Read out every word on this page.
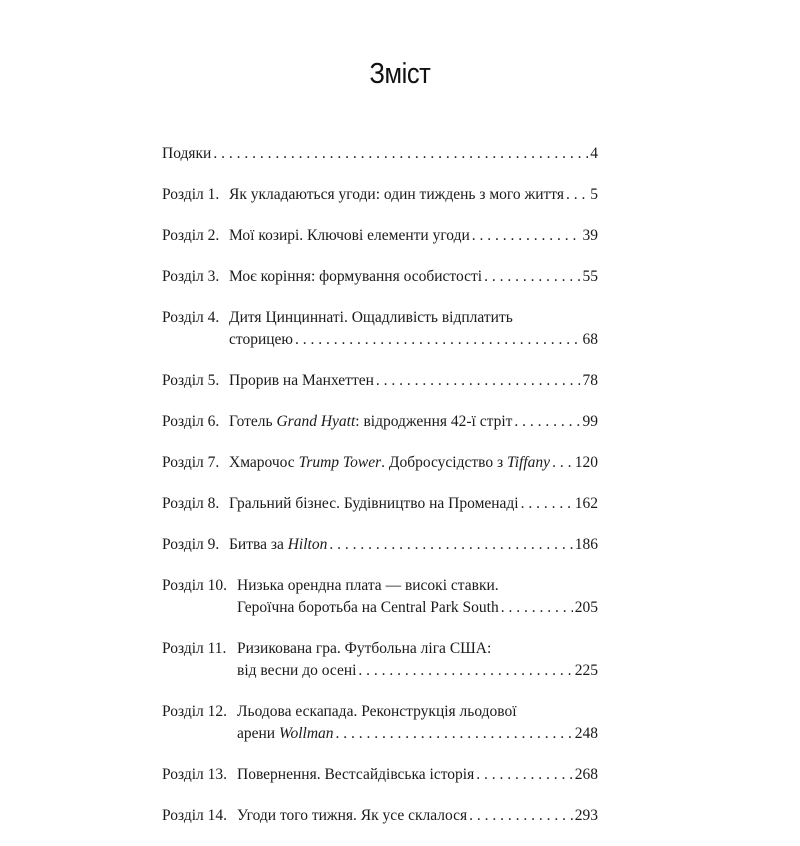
Зміст
Подяки . . .	4
Розділ 1. Як укладаються угоди: один тиждень з мого життя . . . 5
Розділ 2. Мої козирі. Ключові елементи угоди . . .	39
Розділ 3. Моє коріння: формування особистості . . .	55
Розділ 4. Дитя Цинциннаті. Ощадливість відплатить
сторицею . . .	68
Розділ 5. Прорив на Манхеттен . . .	78
Розділ 6. Готель Grand Hyatt: відродження 42-ї стріт . . .	99
Розділ 7. Хмарочос Trump Tower. Добросусідство з Tiffany . . . 120
Розділ 8. Гральний бізнес. Будівництво на Променаді . . .	162
Розділ 9. Битва за Hilton . . .	186
Розділ 10. Низька орендна плата — високі ставки.
Героїчна боротьба на Central Park South . . .	205
Розділ 11. Ризикована гра. Футбольна ліга США:
від весни до осені . . .	225
Розділ 12. Льодова ескапада. Реконструкція льодової
арени Wollman . . .	248
Розділ 13. Повернення. Вестсайдівська історія . . .	268
Розділ 14. Угоди того тижня. Як усе склалося . . .	293
